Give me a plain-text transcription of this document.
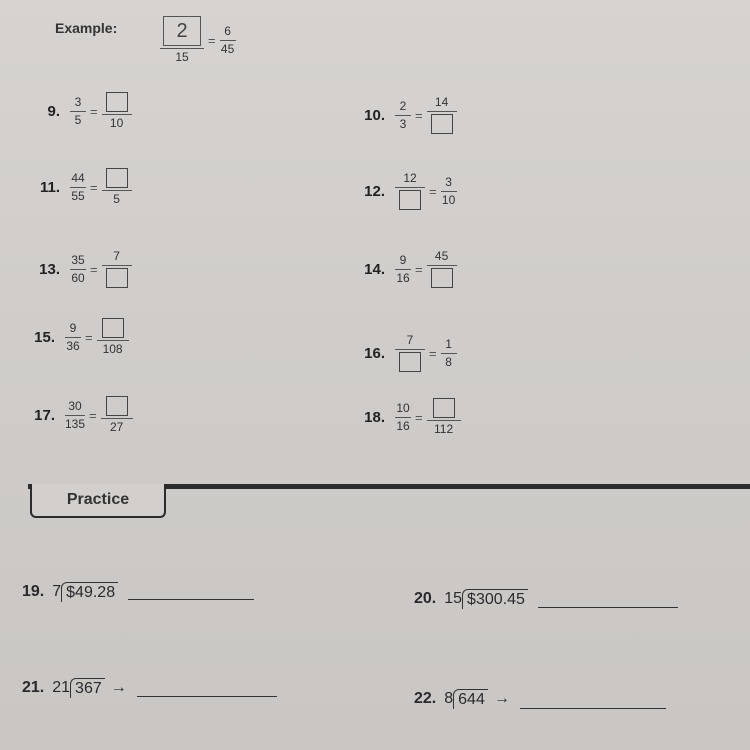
Example: $\frac{2}{15} = \frac{6}{45}$
9. $\frac{3}{5}$ =
10	10. $\frac{2}{3}$ =
14
11. $\frac{44}{55}$ =
5	12.
12
= $\frac{3}{10}$
13. $\frac{35}{60}$ =
7
14. $\frac{9}{16}$ =
45
15. $\frac{9}{36}$ =
108	16.
7
= $\frac{1}{8}$
17. $\frac{30}{135}$ =
27
18. $\frac{10}{16}$ =
112
Practice
19. 7 $49.28	20. 15 $300.45
21. 21 367 →
22. 8 644 →
